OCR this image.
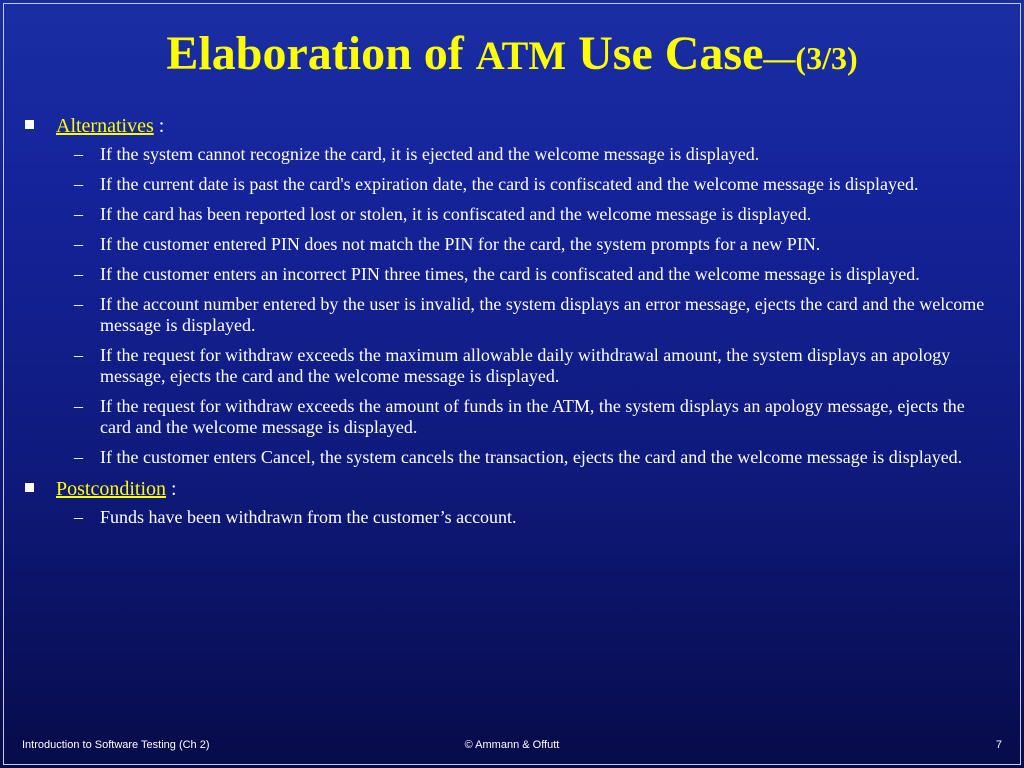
Elaboration of ATM Use Case—(3/3)
Alternatives :
– If the system cannot recognize the card, it is ejected and the welcome message is displayed.
– If the current date is past the card's expiration date, the card is confiscated and the welcome message is displayed.
– If the card has been reported lost or stolen, it is confiscated and the welcome message is displayed.
– If the customer entered PIN does not match the PIN for the card, the system prompts for a new PIN.
– If the customer enters an incorrect PIN three times, the card is confiscated and the welcome message is displayed.
– If the account number entered by the user is invalid, the system displays an error message, ejects the card and the welcome message is displayed.
– If the request for withdraw exceeds the maximum allowable daily withdrawal amount, the system displays an apology message, ejects the card and the welcome message is displayed.
– If the request for withdraw exceeds the amount of funds in the ATM, the system displays an apology message, ejects the card and the welcome message is displayed.
– If the customer enters Cancel, the system cancels the transaction, ejects the card and the welcome message is displayed.
Postcondition :
– Funds have been withdrawn from the customer’s account.
Introduction to Software Testing (Ch 2)	© Ammann & Offutt	7
